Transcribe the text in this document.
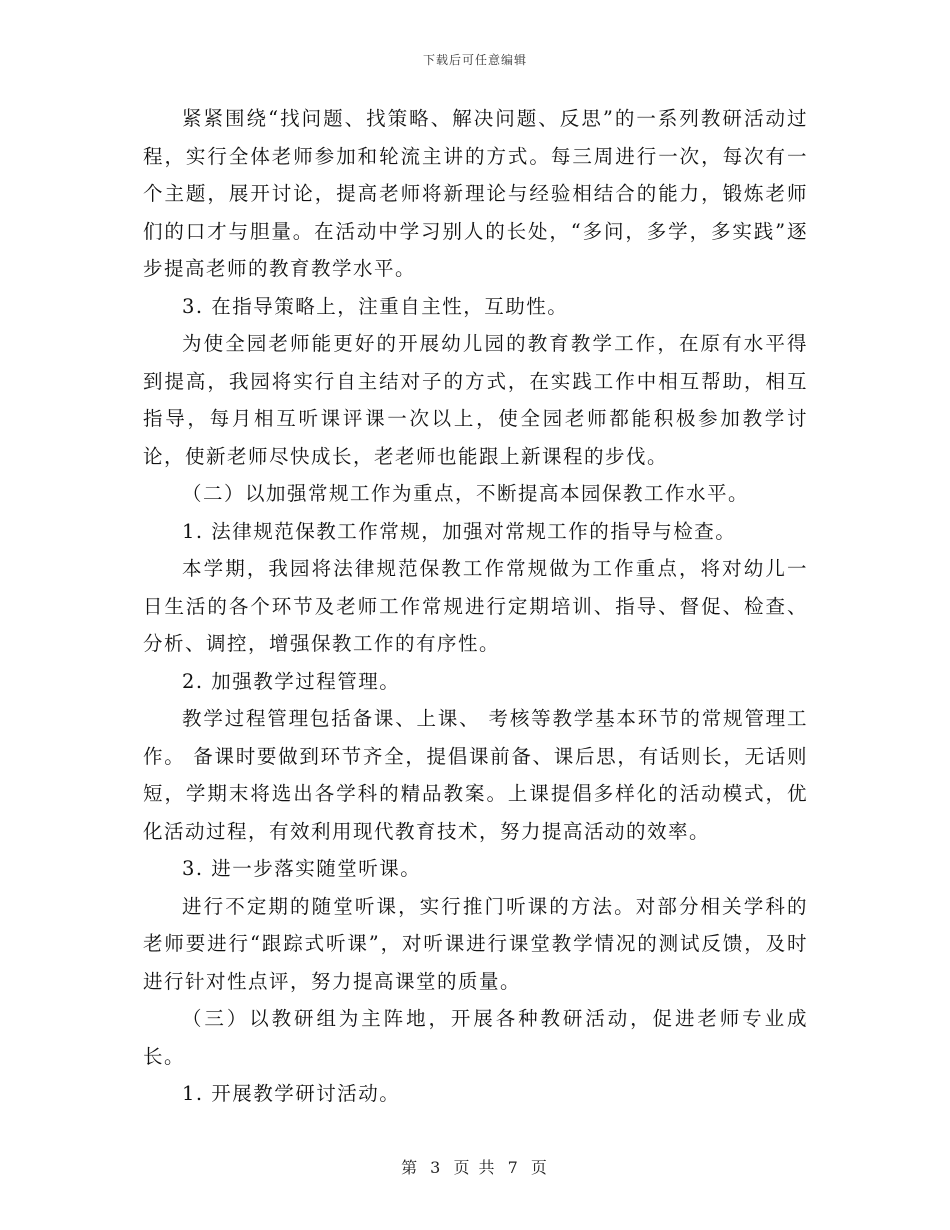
下载后可任意编辑

紧紧围绕“找问题、找策略、解决问题、反思”的一系列教研活动过程，实行全体老师参加和轮流主讲的方式。每三周进行一次，每次有一个主题，展开讨论，提高老师将新理论与经验相结合的能力，锻炼老师们的口才与胆量。在活动中学习别人的长处，“多问，多学，多实践”逐步提高老师的教育教学水平。

3. 在指导策略上，注重自主性，互助性。

为使全园老师能更好的开展幼儿园的教育教学工作，在原有水平得到提高，我园将实行自主结对子的方式，在实践工作中相互帮助，相互指导，每月相互听课评课一次以上，使全园老师都能积极参加教学讨论，使新老师尽快成长，老老师也能跟上新课程的步伐。

（二）以加强常规工作为重点，不断提高本园保教工作水平。

1. 法律规范保教工作常规，加强对常规工作的指导与检查。

本学期，我园将法律规范保教工作常规做为工作重点，将对幼儿一日生活的各个环节及老师工作常规进行定期培训、指导、督促、检查、分析、调控，增强保教工作的有序性。

2. 加强教学过程管理。

教学过程管理包括备课、上课、 考核等教学基本环节的常规管理工作。 备课时要做到环节齐全，提倡课前备、课后思，有话则长，无话则短，学期末将选出各学科的精品教案。上课提倡多样化的活动模式，优化活动过程，有效利用现代教育技术，努力提高活动的效率。

3. 进一步落实随堂听课。

进行不定期的随堂听课，实行推门听课的方法。对部分相关学科的老师要进行“跟踪式听课”，对听课进行课堂教学情况的测试反馈，及时进行针对性点评，努力提高课堂的质量。

（三）以教研组为主阵地，开展各种教研活动，促进老师专业成长。

1. 开展教学研讨活动。

第 3 页 共 7 页
